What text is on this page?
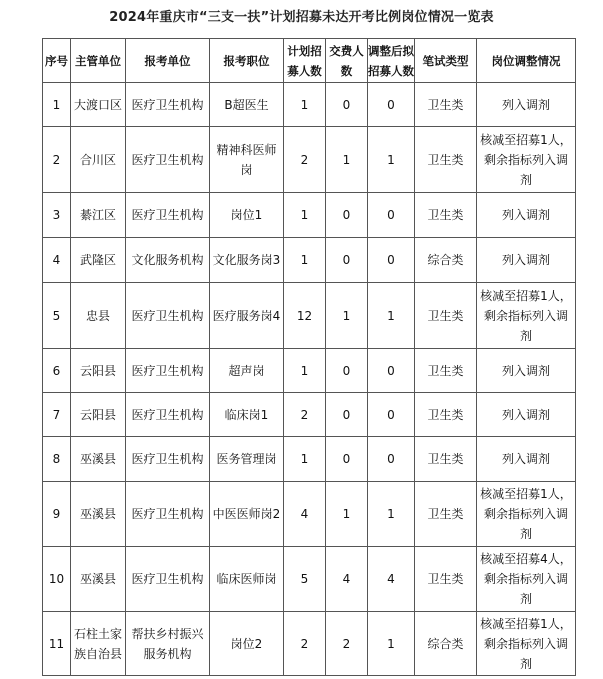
2024年重庆市“三支一扶”计划招募未达开考比例岗位情况一览表
序号	主管单位	报考单位	报考职位	计划招募人数	交费人数	调整后拟招募人数	笔试类型	岗位调整情况
1	大渡口区	医疗卫生机构	B超医生	1	0	0	卫生类	列入调剂
2	合川区	医疗卫生机构	精神科医师岗	2	1	1	卫生类	核减至招募1人，剩余指标列入调剂
3	綦江区	医疗卫生机构	岗位1	1	0	0	卫生类	列入调剂
4	武隆区	文化服务机构	文化服务岗3	1	0	0	综合类	列入调剂
5	忠县	医疗卫生机构	医疗服务岗4	12	1	1	卫生类	核减至招募1人，剩余指标列入调剂
6	云阳县	医疗卫生机构	超声岗	1	0	0	卫生类	列入调剂
7	云阳县	医疗卫生机构	临床岗1	2	0	0	卫生类	列入调剂
8	巫溪县	医疗卫生机构	医务管理岗	1	0	0	卫生类	列入调剂
9	巫溪县	医疗卫生机构	中医医师岗2	4	1	1	卫生类	核减至招募1人，剩余指标列入调剂
10	巫溪县	医疗卫生机构	临床医师岗	5	4	4	卫生类	核减至招募4人，剩余指标列入调剂
11	石柱土家族自治县	帮扶乡村振兴服务机构	岗位2	2	2	1	综合类	核减至招募1人，剩余指标列入调剂
